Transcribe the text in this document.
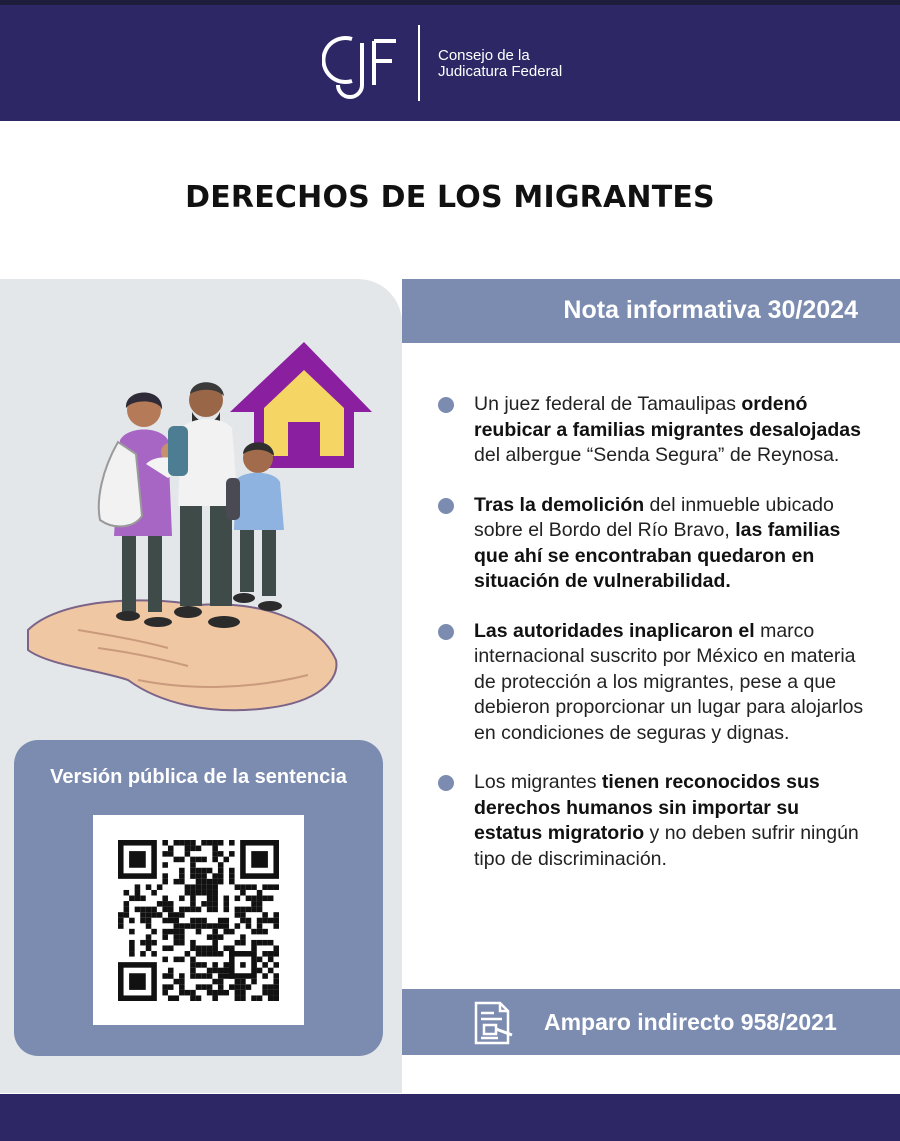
Consejo de la
Judicatura Federal
DERECHOS DE LOS MIGRANTES
Versión pública de la sentencia
Nota informativa 30/2024
Un juez federal de Tamaulipas ordenó reubicar a familias migrantes desalojadas del albergue “Senda Segura” de Reynosa.
Tras la demolición del inmueble ubicado sobre el Bordo del Río Bravo, las familias que ahí se encontraban quedaron en situación de vulnerabilidad.
Las autoridades inaplicaron el marco internacional suscrito por México en materia de protección a los migrantes, pese a que debieron proporcionar un lugar para alojarlos en condiciones de seguras y dignas.
Los migrantes tienen reconocidos sus derechos humanos sin importar su estatus migratorio y no deben sufrir ningún tipo de discriminación.
Amparo indirecto 958/2021
